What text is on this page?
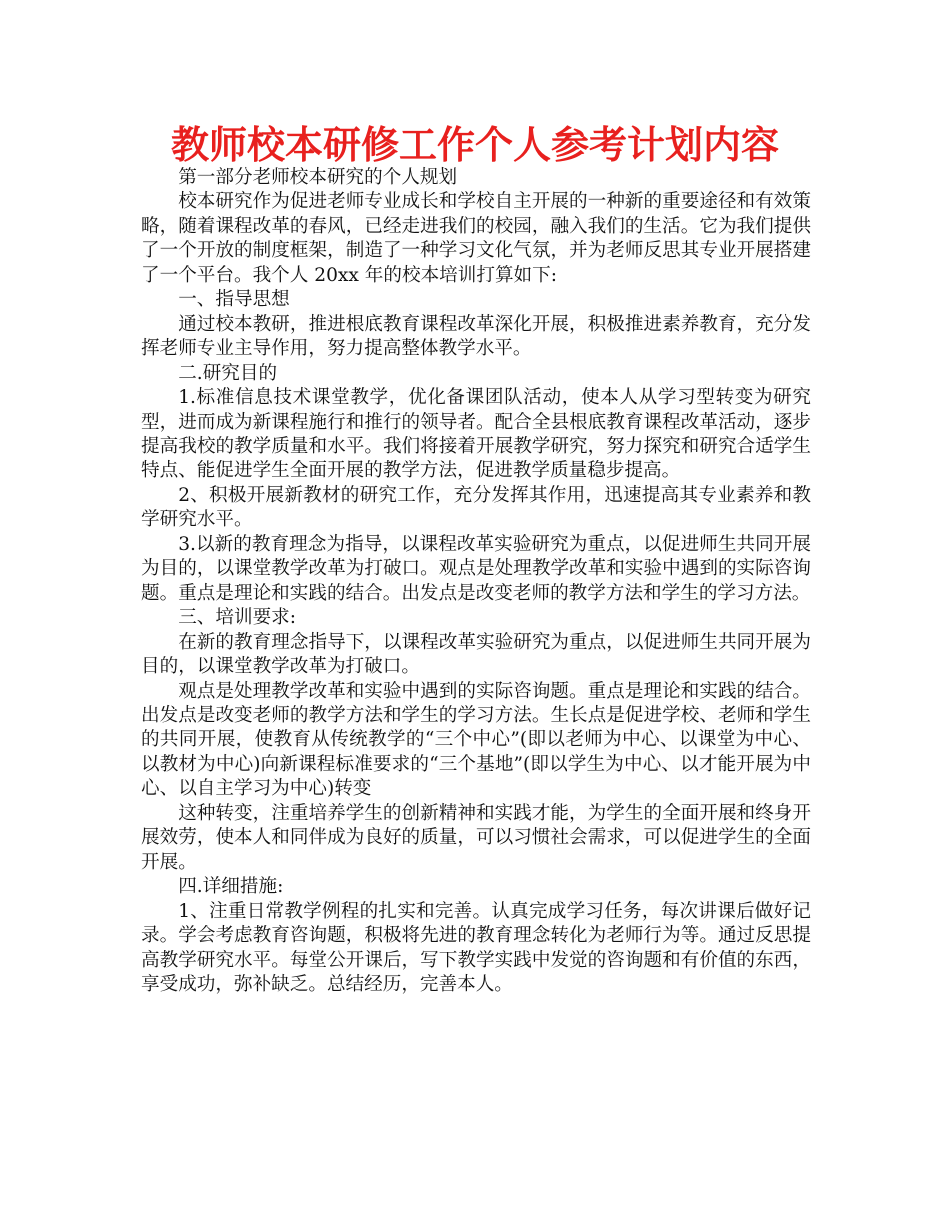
教师校本研修工作个人参考计划内容

第一部分老师校本研究的个人规划

校本研究作为促进老师专业成长和学校自主开展的一种新的重要途径和有效策略，随着课程改革的春风，已经走进我们的校园，融入我们的生活。它为我们提供了一个开放的制度框架，制造了一种学习文化气氛，并为老师反思其专业开展搭建了一个平台。我个人 20xx 年的校本培训打算如下:

一、指导思想

通过校本教研，推进根底教育课程改革深化开展，积极推进素养教育，充分发挥老师专业主导作用，努力提高整体教学水平。

二.研究目的

1.标准信息技术课堂教学，优化备课团队活动，使本人从学习型转变为研究型，进而成为新课程施行和推行的领导者。配合全县根底教育课程改革活动，逐步提高我校的教学质量和水平。我们将接着开展教学研究，努力探究和研究合适学生特点、能促进学生全面开展的教学方法，促进教学质量稳步提高。

2、积极开展新教材的研究工作，充分发挥其作用，迅速提高其专业素养和教学研究水平。

3.以新的教育理念为指导，以课程改革实验研究为重点，以促进师生共同开展为目的，以课堂教学改革为打破口。观点是处理教学改革和实验中遇到的实际咨询题。重点是理论和实践的结合。出发点是改变老师的教学方法和学生的学习方法。

三、培训要求:

在新的教育理念指导下，以课程改革实验研究为重点，以促进师生共同开展为目的，以课堂教学改革为打破口。

观点是处理教学改革和实验中遇到的实际咨询题。重点是理论和实践的结合。出发点是改变老师的教学方法和学生的学习方法。生长点是促进学校、老师和学生的共同开展，使教育从传统教学的“三个中心”(即以老师为中心、以课堂为中心、以教材为中心)向新课程标准要求的“三个基地”(即以学生为中心、以才能开展为中心、以自主学习为中心)转变

这种转变，注重培养学生的创新精神和实践才能，为学生的全面开展和终身开展效劳，使本人和同伴成为良好的质量，可以习惯社会需求，可以促进学生的全面开展。

四.详细措施:

1、注重日常教学例程的扎实和完善。认真完成学习任务，每次讲课后做好记录。学会考虑教育咨询题，积极将先进的教育理念转化为老师行为等。通过反思提高教学研究水平。每堂公开课后，写下教学实践中发觉的咨询题和有价值的东西，享受成功，弥补缺乏。总结经历，完善本人。
